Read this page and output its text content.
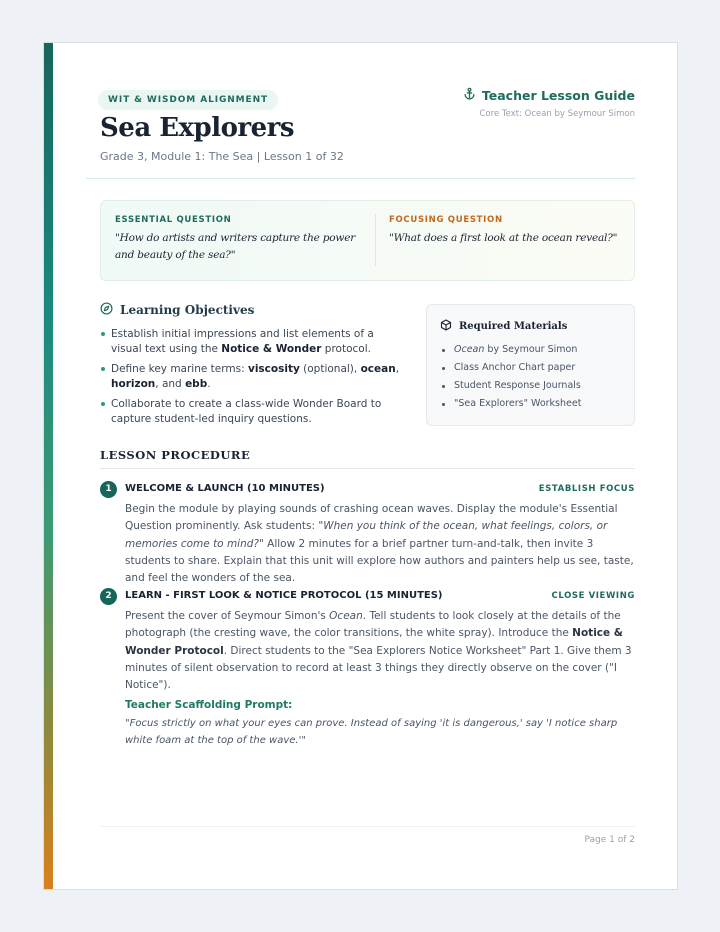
WIT & WISDOM ALIGNMENT
Sea Explorers
Grade 3, Module 1: The Sea | Lesson 1 of 32
Teacher Lesson Guide
Core Text: Ocean by Seymour Simon
ESSENTIAL QUESTION
"How do artists and writers capture the power and beauty of the sea?"
FOCUSING QUESTION
"What does a first look at the ocean reveal?"
Learning Objectives
Establish initial impressions and list elements of a visual text using the Notice & Wonder protocol.
Define key marine terms: viscosity (optional), ocean, horizon, and ebb.
Collaborate to create a class-wide Wonder Board to capture student-led inquiry questions.
Required Materials
Ocean by Seymour Simon
Class Anchor Chart paper
Student Response Journals
"Sea Explorers" Worksheet
LESSON PROCEDURE
1	WELCOME & LAUNCH (10 MINUTES)	ESTABLISH FOCUS
Begin the module by playing sounds of crashing ocean waves. Display the module's Essential Question prominently. Ask students: "When you think of the ocean, what feelings, colors, or memories come to mind?" Allow 2 minutes for a brief partner turn-and-talk, then invite 3 students to share. Explain that this unit will explore how authors and painters help us see, taste, and feel the wonders of the sea.
2	LEARN - FIRST LOOK & NOTICE PROTOCOL (15 MINUTES)	CLOSE VIEWING
Present the cover of Seymour Simon's Ocean. Tell students to look closely at the details of the photograph (the cresting wave, the color transitions, the white spray). Introduce the Notice & Wonder Protocol. Direct students to the "Sea Explorers Notice Worksheet" Part 1. Give them 3 minutes of silent observation to record at least 3 things they directly observe on the cover ("I Notice").
Teacher Scaffolding Prompt:
"Focus strictly on what your eyes can prove. Instead of saying 'it is dangerous,' say 'I notice sharp white foam at the top of the wave.'"
Page 1 of 2
